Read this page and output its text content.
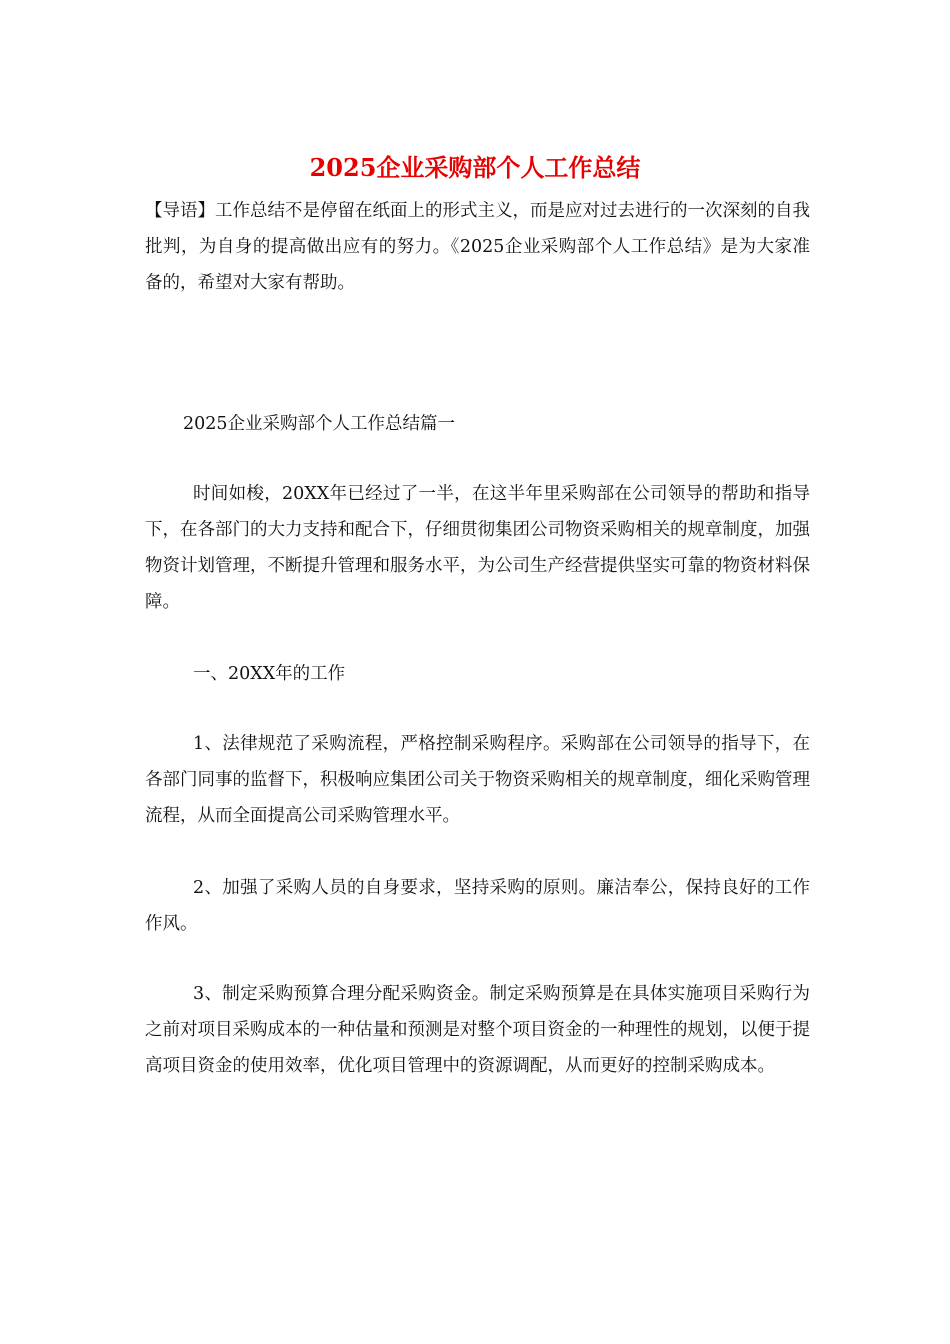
2025企业采购部个人工作总结

【导语】工作总结不是停留在纸面上的形式主义，而是应对过去进行的一次深刻的自我批判，为自身的提高做出应有的努力。《2025企业采购部个人工作总结》是为大家准备的，希望对大家有帮助。

2025企业采购部个人工作总结篇一

时间如梭，20XX年已经过了一半，在这半年里采购部在公司领导的帮助和指导下，在各部门的大力支持和配合下，仔细贯彻集团公司物资采购相关的规章制度，加强物资计划管理，不断提升管理和服务水平，为公司生产经营提供坚实可靠的物资材料保障。

一、20XX年的工作

1、法律规范了采购流程，严格控制采购程序。采购部在公司领导的指导下，在各部门同事的监督下，积极响应集团公司关于物资采购相关的规章制度，细化采购管理流程，从而全面提高公司采购管理水平。

2、加强了采购人员的自身要求，坚持采购的原则。廉洁奉公，保持良好的工作作风。

3、制定采购预算合理分配采购资金。制定采购预算是在具体实施项目采购行为之前对项目采购成本的一种估量和预测是对整个项目资金的一种理性的规划，以便于提高项目资金的使用效率，优化项目管理中的资源调配，从而更好的控制采购成本。
